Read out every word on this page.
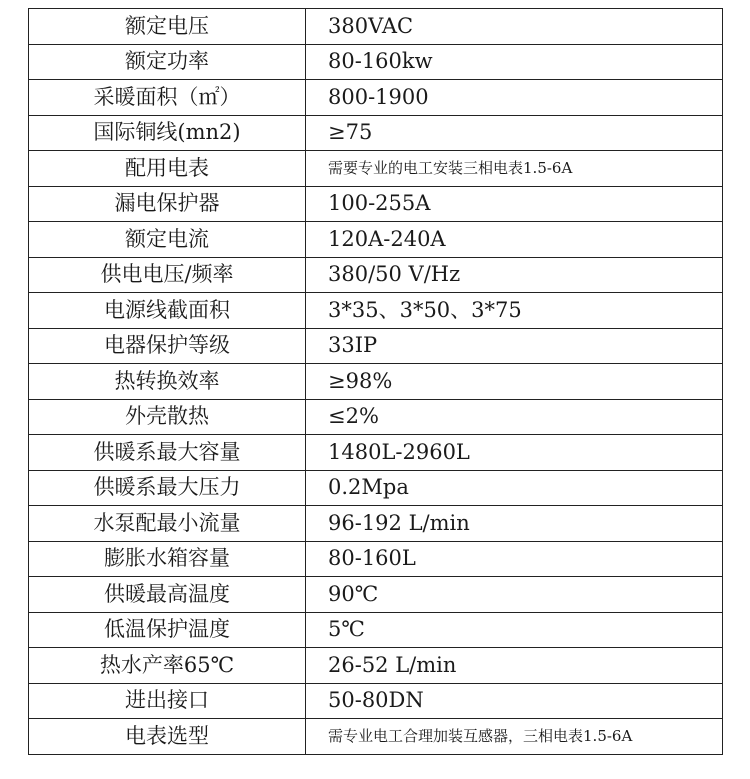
额定电压	380VAC
额定功率	80-160kw
采暖面积（㎡）	800-1900
国际铜线(mn2)	≥75
配用电表	需要专业的电工安装三相电表1.5-6A
漏电保护器	100-255A
额定电流	120A-240A
供电电压/频率	380/50 V/Hz
电源线截面积	3*35、3*50、3*75
电器保护等级	33IP
热转换效率	≥98%
外壳散热	≤2%
供暖系最大容量	1480L-2960L
供暖系最大压力	0.2Mpa
水泵配最小流量	96-192 L/min
膨胀水箱容量	80-160L
供暖最高温度	90℃
低温保护温度	5℃
热水产率65℃	26-52 L/min
进出接口	50-80DN
电表选型	需专业电工合理加装互感器，三相电表1.5-6A
